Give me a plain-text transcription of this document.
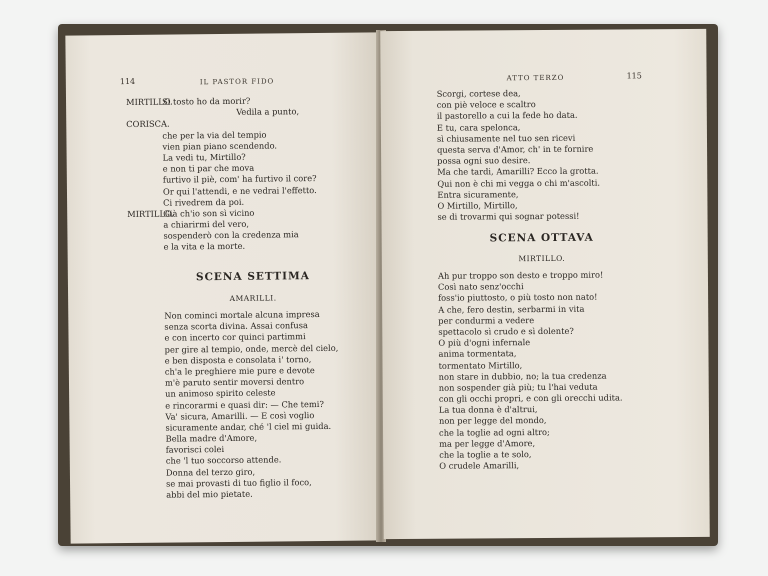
114	IL PASTOR FIDO
MIRTILLO.Si tosto ho da morir?
Vedila a punto,
CORISCA.
che per la via del tempio
vien pian piano scendendo.
La vedi tu, Mirtillo?
e non ti par che mova
furtivo il piè, com' ha furtivo il core?
Or qui l'attendi, e ne vedrai l'effetto.
Ci rivedrem da poi.
MIRTILLO.Già ch'io son sì vicino
a chiarirmi del vero,
sospenderò con la credenza mia
e la vita e la morte.
SCENA SETTIMA
AMARILLI.
Non cominci mortale alcuna impresa
senza scorta divina. Assai confusa
e con incerto cor quinci partimmi
per gire al tempio, onde, mercè del cielo,
e ben disposta e consolata i' torno,
ch'a le preghiere mie pure e devote
m'è paruto sentir moversi dentro
un animoso spirito celeste
e rincorarmi e quasi dir: — Che temi?
Va' sicura, Amarilli. — E così voglio
sicuramente andar, ché 'l ciel mi guida.
Bella madre d'Amore,
favorisci colei
che 'l tuo soccorso attende.
Donna del terzo giro,
se mai provasti di tuo figlio il foco,
abbi del mio pietate.
ATTO TERZO	115
Scorgi, cortese dea,
con piè veloce e scaltro
il pastorello a cui la fede ho data.
E tu, cara spelonca,
sì chiusamente nel tuo sen ricevi
questa serva d'Amor, ch' in te fornire
possa ogni suo desire.
Ma che tardi, Amarilli? Ecco la grotta.
Qui non è chi mi vegga o chi m'ascolti.
Entra sicuramente,
O Mirtillo, Mirtillo,
se di trovarmi qui sognar potessi!
SCENA OTTAVA
MIRTILLO.
Ah pur troppo son desto e troppo miro!
Così nato senz'occhi
foss'io piuttosto, o più tosto non nato!
A che, fero destin, serbarmi in vita
per condurmi a vedere
spettacolo sì crudo e sì dolente?
O più d'ogni infernale
anima tormentata,
tormentato Mirtillo,
non stare in dubbio, no; la tua credenza
non sospender già più; tu l'hai veduta
con gli occhi propri, e con gli orecchi udita.
La tua donna è d'altrui,
non per legge del mondo,
che la toglie ad ogni altro;
ma per legge d'Amore,
che la toglie a te solo,
O crudele Amarilli,
